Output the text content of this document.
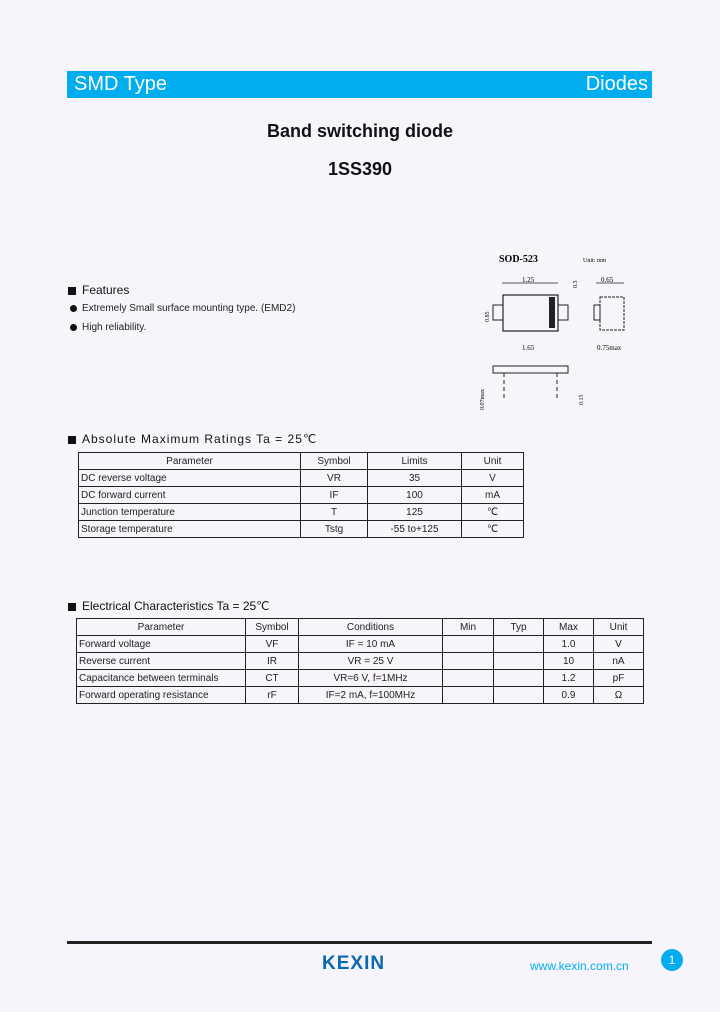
SMD Type	Diodes
Band switching diode
1SS390
SOD-523	Unit: mm
1.25	0.65
1.65	0.75max
0.07max	0.15
0.85
0.3
Features
Extremely Small surface mounting type. (EMD2)
High reliability.
Absolute Maximum Ratings Ta = 25℃
Parameter	Symbol	Limits	Unit
DC reverse voltage	VR	35	V
DC forward current	IF	100	mA
Junction temperature	T	125	℃
Storage temperature	Tstg	-55 to+125	℃
Electrical Characteristics Ta = 25℃
Parameter	Symbol	Conditions	Min	Typ	Max	Unit
Forward voltage	VF	IF = 10 mA			1.0	V
Reverse current	IR	VR = 25 V			10	nA
Capacitance between terminals	CT	VR=6 V, f=1MHz			1.2	pF
Forward operating resistance	rF	IF=2 mA, f=100MHz			0.9	Ω
KEXIN	www.kexin.com.cn	1
